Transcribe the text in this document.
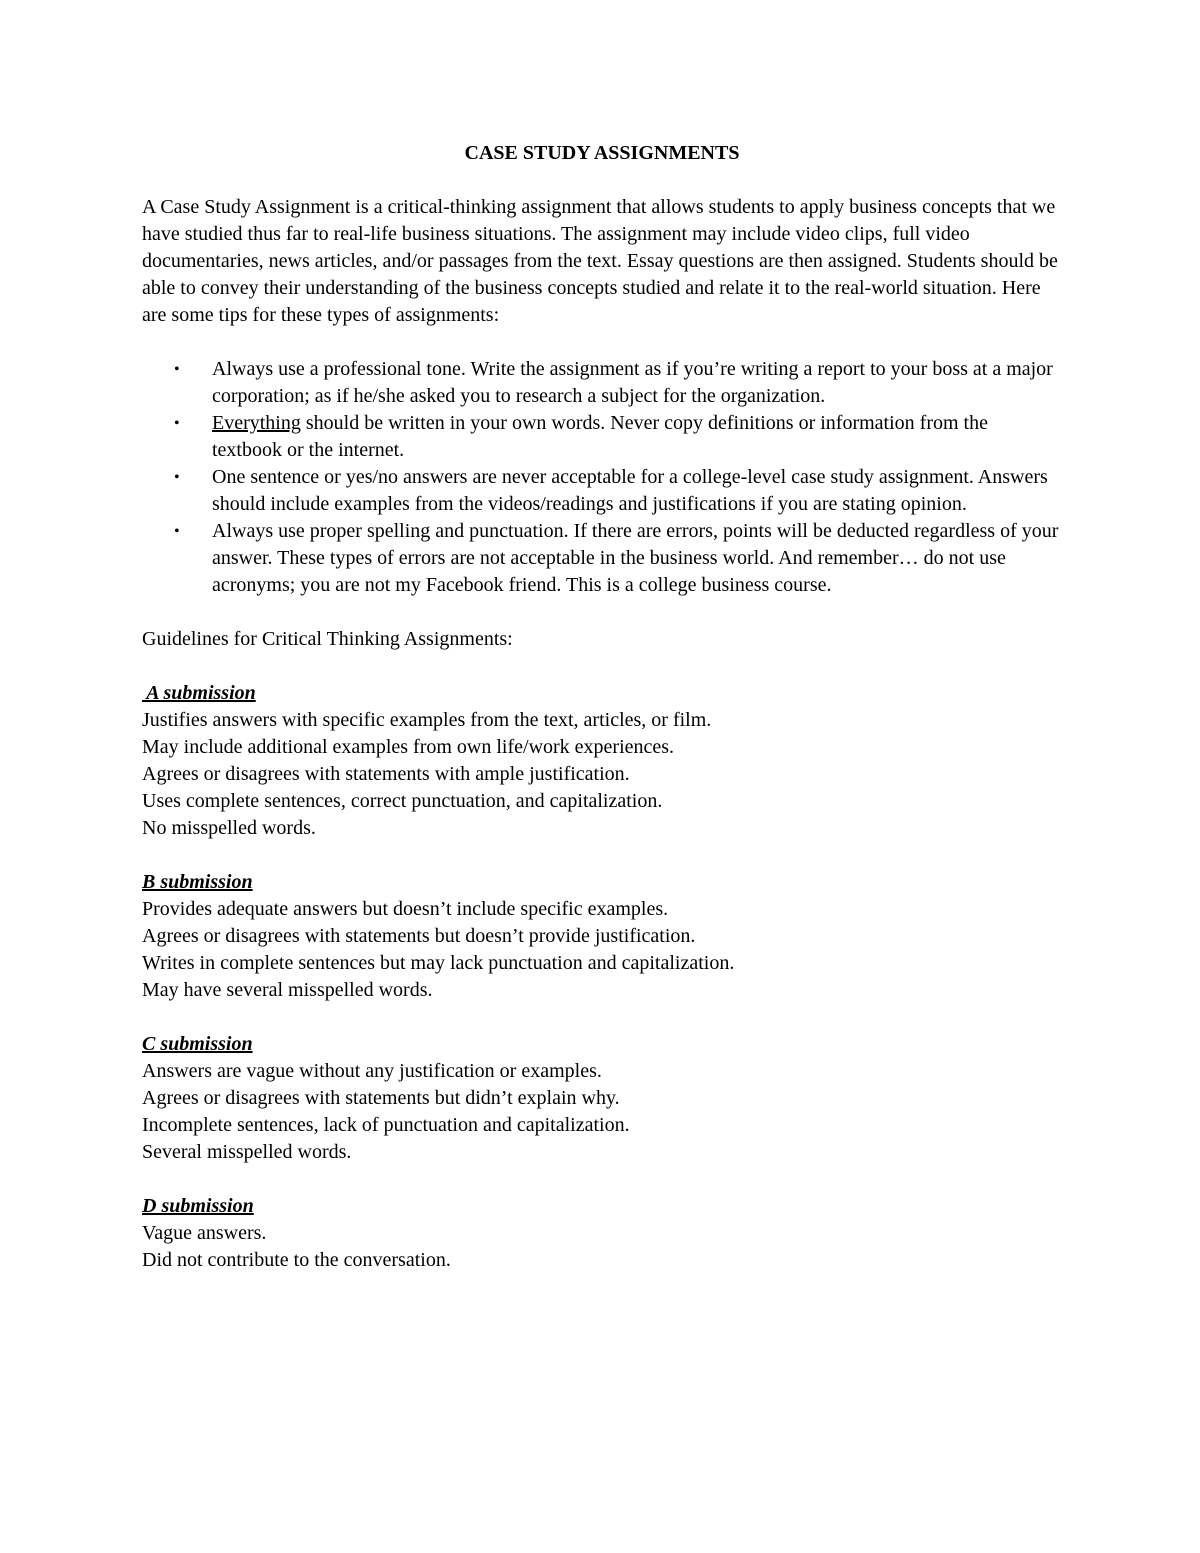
CASE STUDY ASSIGNMENTS

A Case Study Assignment is a critical-thinking assignment that allows students to apply business concepts that we have studied thus far to real-life business situations. The assignment may include video clips, full video documentaries, news articles, and/or passages from the text. Essay questions are then assigned. Students should be able to convey their understanding of the business concepts studied and relate it to the real-world situation. Here are some tips for these types of assignments:

• Always use a professional tone. Write the assignment as if you’re writing a report to your boss at a major corporation; as if he/she asked you to research a subject for the organization.
• Everything should be written in your own words. Never copy definitions or information from the textbook or the internet.
• One sentence or yes/no answers are never acceptable for a college-level case study assignment. Answers should include examples from the videos/readings and justifications if you are stating opinion.
• Always use proper spelling and punctuation. If there are errors, points will be deducted regardless of your answer. These types of errors are not acceptable in the business world. And remember… do not use acronyms; you are not my Facebook friend. This is a college business course.

Guidelines for Critical Thinking Assignments:

A submission
Justifies answers with specific examples from the text, articles, or film.
May include additional examples from own life/work experiences.
Agrees or disagrees with statements with ample justification.
Uses complete sentences, correct punctuation, and capitalization.
No misspelled words.
B submission
Provides adequate answers but doesn’t include specific examples.
Agrees or disagrees with statements but doesn’t provide justification.
Writes in complete sentences but may lack punctuation and capitalization.
May have several misspelled words.
C submission
Answers are vague without any justification or examples.
Agrees or disagrees with statements but didn’t explain why.
Incomplete sentences, lack of punctuation and capitalization.
Several misspelled words.
D submission
Vague answers.
Did not contribute to the conversation.
